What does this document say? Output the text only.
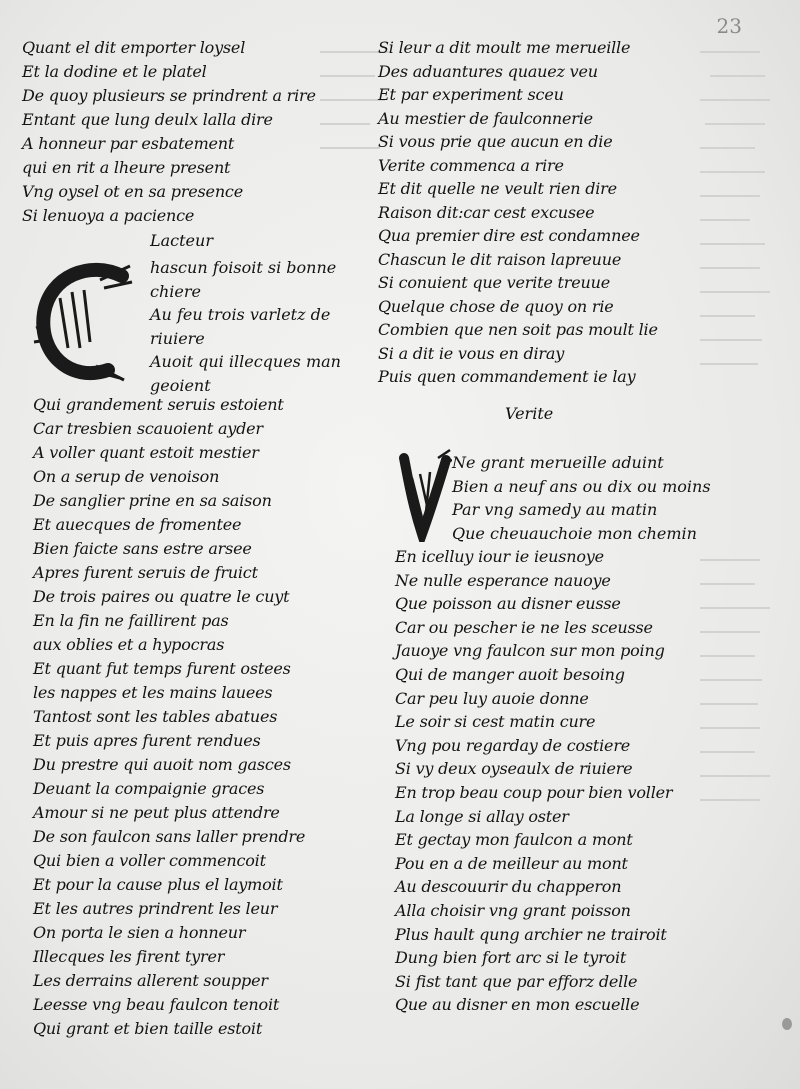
23
Quant el dit emporter loysel
Et la dodine et le platel
De quoy plusieurs se prindrent a rire
Entant que lung deulx lalla dire
A honneur par esbatement
qui en rit a lheure present
Vng oysel ot en sa presence
Si lenuoya a pacience
Lacteur
hascun foisoit si bonne
chiere
Au feu trois varletz de
riuiere
Auoit qui illecques man
geoient
Qui grandement seruis estoient
Car tresbien scauoient ayder
A voller quant estoit mestier
On a serup de venoison
De sanglier prine en sa saison
Et auecques de fromentee
Bien faicte sans estre arsee
Apres furent seruis de fruict
De trois paires ou quatre le cuyt
En la fin ne faillirent pas
aux oblies et a hypocras
Et quant fut temps furent ostees
les nappes et les mains lauees
Tantost sont les tables abatues
Et puis apres furent rendues
Du prestre qui auoit nom gasces
Deuant la compaignie graces
Amour si ne peut plus attendre
De son faulcon sans laller prendre
Qui bien a voller commencoit
Et pour la cause plus el laymoit
Et les autres prindrent les leur
On porta le sien a honneur
Illecques les firent tyrer
Les derrains allerent soupper
Leesse vng beau faulcon tenoit
Qui grant et bien taille estoit
Si leur a dit moult me merueille
Des aduantures quauez veu
Et par experiment sceu
Au mestier de faulconnerie
Si vous prie que aucun en die
Verite commenca a rire
Et dit quelle ne veult rien dire
Raison dit:car cest excusee
Qua premier dire est condamnee
Chascun le dit raison lapreuue
Si conuient que verite treuue
Quelque chose de quoy on rie
Combien que nen soit pas moult lie
Si a dit ie vous en diray
Puis quen commandement ie lay
Verite
Ne grant merueille aduint
Bien a neuf ans ou dix ou moins
Par vng samedy au matin
Que cheuauchoie mon chemin
En icelluy iour ie ieusnoye
Ne nulle esperance nauoye
Que poisson au disner eusse
Car ou pescher ie ne les sceusse
Jauoye vng faulcon sur mon poing
Qui de manger auoit besoing
Car peu luy auoie donne
Le soir si cest matin cure
Vng pou regarday de costiere
Si vy deux oyseaulx de riuiere
En trop beau coup pour bien voller
La longe si allay oster
Et gectay mon faulcon a mont
Pou en a de meilleur au mont
Au descouurir du chapperon
Alla choisir vng grant poisson
Plus hault qung archier ne trairoit
Dung bien fort arc si le tyroit
Si fist tant que par efforz delle
Que au disner en mon escuelle
